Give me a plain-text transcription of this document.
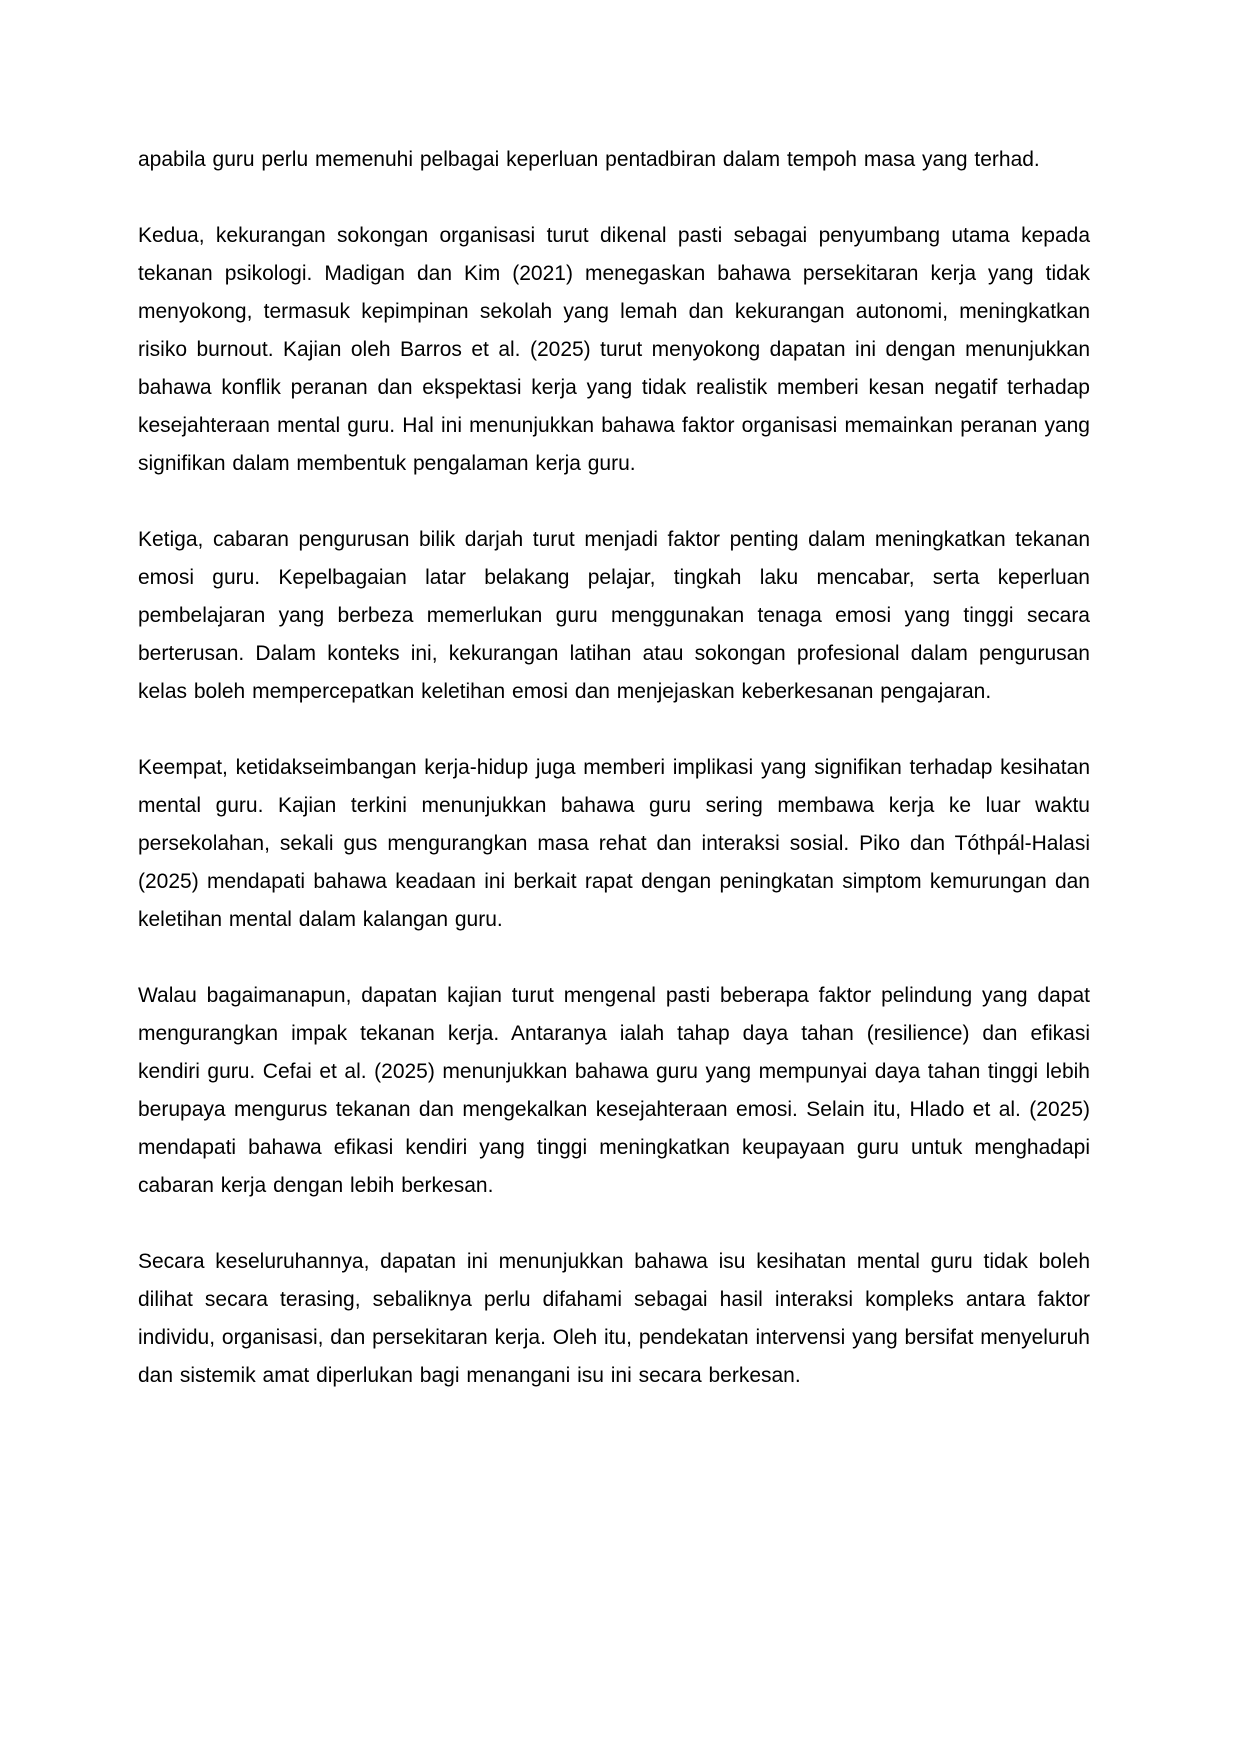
apabila guru perlu memenuhi pelbagai keperluan pentadbiran dalam tempoh masa yang terhad.

Kedua, kekurangan sokongan organisasi turut dikenal pasti sebagai penyumbang utama kepada tekanan psikologi. Madigan dan Kim (2021) menegaskan bahawa persekitaran kerja yang tidak menyokong, termasuk kepimpinan sekolah yang lemah dan kekurangan autonomi, meningkatkan risiko burnout. Kajian oleh Barros et al. (2025) turut menyokong dapatan ini dengan menunjukkan bahawa konflik peranan dan ekspektasi kerja yang tidak realistik memberi kesan negatif terhadap kesejahteraan mental guru. Hal ini menunjukkan bahawa faktor organisasi memainkan peranan yang signifikan dalam membentuk pengalaman kerja guru.

Ketiga, cabaran pengurusan bilik darjah turut menjadi faktor penting dalam meningkatkan tekanan emosi guru. Kepelbagaian latar belakang pelajar, tingkah laku mencabar, serta keperluan pembelajaran yang berbeza memerlukan guru menggunakan tenaga emosi yang tinggi secara berterusan. Dalam konteks ini, kekurangan latihan atau sokongan profesional dalam pengurusan kelas boleh mempercepatkan keletihan emosi dan menjejaskan keberkesanan pengajaran.

Keempat, ketidakseimbangan kerja-hidup juga memberi implikasi yang signifikan terhadap kesihatan mental guru. Kajian terkini menunjukkan bahawa guru sering membawa kerja ke luar waktu persekolahan, sekali gus mengurangkan masa rehat dan interaksi sosial. Piko dan Tóthpál-Halasi (2025) mendapati bahawa keadaan ini berkait rapat dengan peningkatan simptom kemurungan dan keletihan mental dalam kalangan guru.

Walau bagaimanapun, dapatan kajian turut mengenal pasti beberapa faktor pelindung yang dapat mengurangkan impak tekanan kerja. Antaranya ialah tahap daya tahan (resilience) dan efikasi kendiri guru. Cefai et al. (2025) menunjukkan bahawa guru yang mempunyai daya tahan tinggi lebih berupaya mengurus tekanan dan mengekalkan kesejahteraan emosi. Selain itu, Hlado et al. (2025) mendapati bahawa efikasi kendiri yang tinggi meningkatkan keupayaan guru untuk menghadapi cabaran kerja dengan lebih berkesan.

Secara keseluruhannya, dapatan ini menunjukkan bahawa isu kesihatan mental guru tidak boleh dilihat secara terasing, sebaliknya perlu difahami sebagai hasil interaksi kompleks antara faktor individu, organisasi, dan persekitaran kerja. Oleh itu, pendekatan intervensi yang bersifat menyeluruh dan sistemik amat diperlukan bagi menangani isu ini secara berkesan.
